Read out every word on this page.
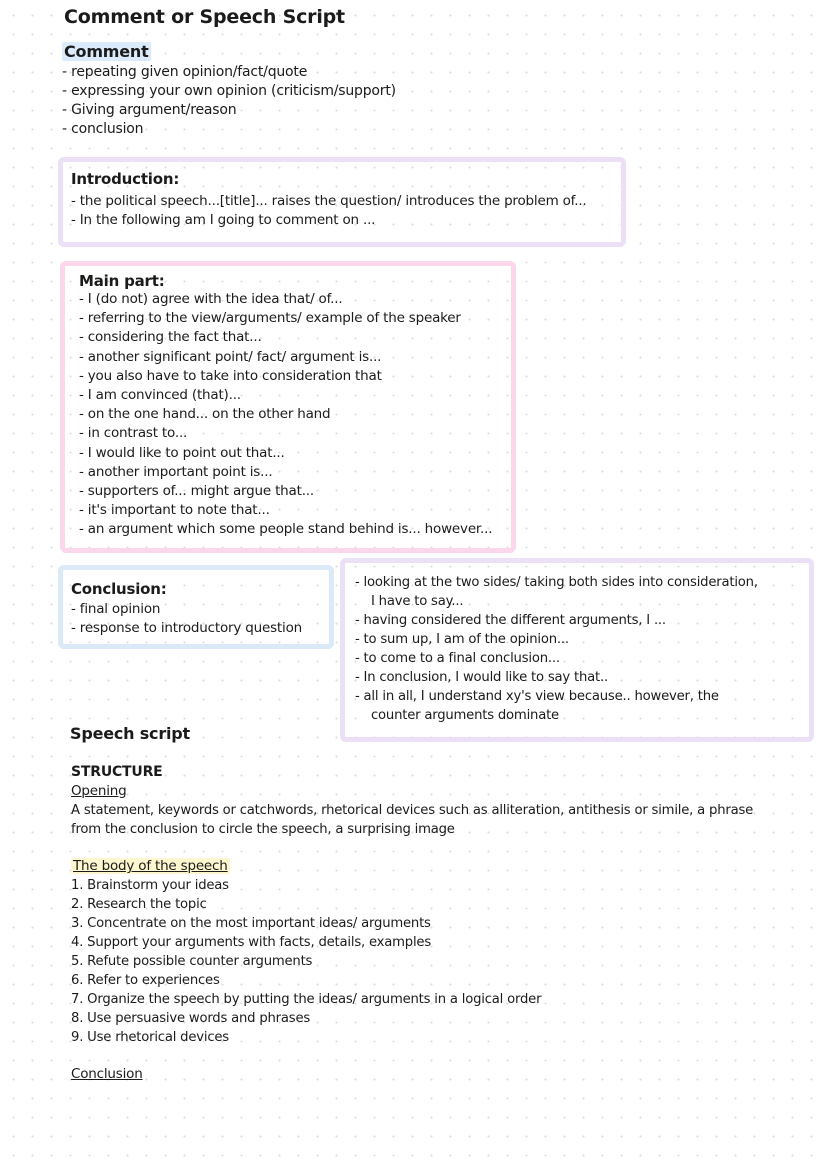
Comment or Speech Script
Comment
- repeating given opinion/fact/quote
- expressing your own opinion (criticism/support)
- Giving argument/reason
- conclusion
Introduction:
- the political speech...[title]... raises the question/ introduces the problem of...
- In the following am I going to comment on ...
Main part:
- I (do not) agree with the idea that/ of...
- referring to the view/arguments/ example of the speaker
- considering the fact that...
- another significant point/ fact/ argument is...
- you also have to take into consideration that
- I am convinced (that)...
- on the one hand... on the other hand
- in contrast to...
- I would like to point out that...
- another important point is...
- supporters of... might argue that...
- it's important to note that...
- an argument which some people stand behind is... however...
Conclusion:
- final opinion
- response to introductory question
- looking at the two sides/ taking both sides into consideration,
I have to say...
- having considered the different arguments, I ...
- to sum up, I am of the opinion...
- to come to a final conclusion...
- In conclusion, I would like to say that..
- all in all, I understand xy's view because.. however, the
counter arguments dominate
Speech script
STRUCTURE
Opening
A statement, keywords or catchwords, rhetorical devices such as alliteration, antithesis or simile, a phrase
from the conclusion to circle the speech, a surprising image
The body of the speech
1. Brainstorm your ideas
2. Research the topic
3. Concentrate on the most important ideas/ arguments
4. Support your arguments with facts, details, examples
5. Refute possible counter arguments
6. Refer to experiences
7. Organize the speech by putting the ideas/ arguments in a logical order
8. Use persuasive words and phrases
9. Use rhetorical devices
Conclusion
